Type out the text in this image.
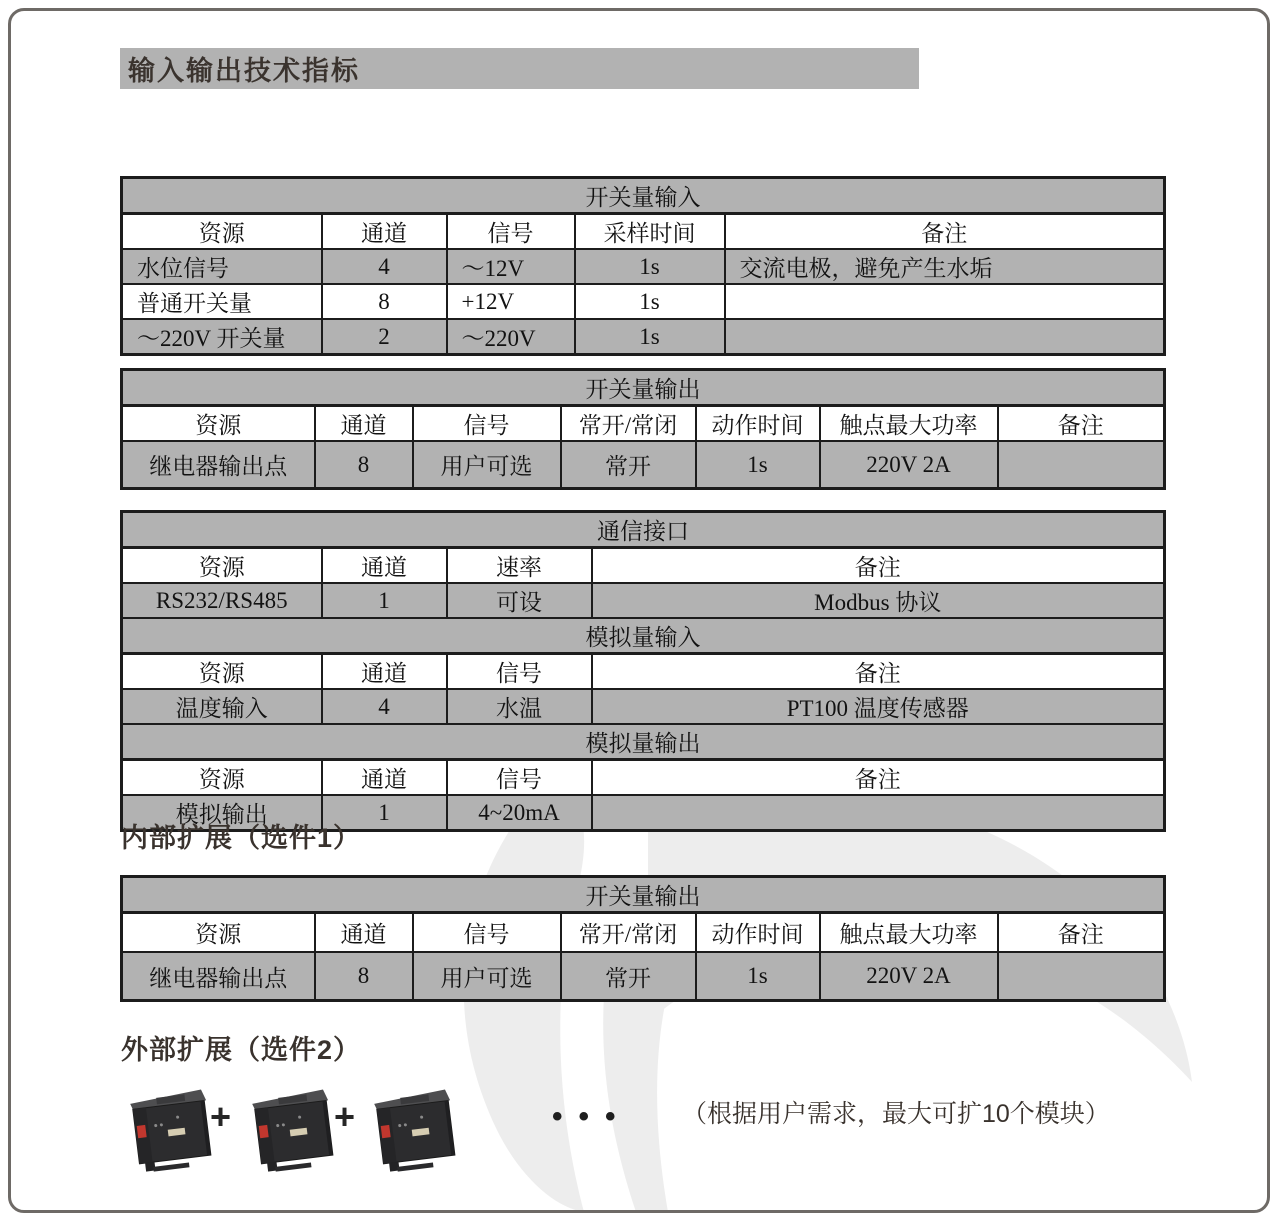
输入输出技术指标
开关量输入				
资源	通道	信号	采样时间	备注
水位信号	4	～12V	1s	交流电极，避免产生水垢
普通开关量	8	+12V	1s	
～220V 开关量	2	～220V	1s	
开关量输出						
资源	通道	信号	常开/常闭	动作时间	触点最大功率	备注
继电器输出点	8	用户可选	常开	1s	220V 2A	
通信接口			
资源	通道	速率	备注
RS232/RS485	1	可设	Modbus 协议
模拟量输入			
资源	通道	信号	备注
温度输入	4	水温	PT100 温度传感器
模拟量输出			
资源	通道	信号	备注
模拟输出	1	4~20mA	
内部扩展（选件1）
开关量输出						
资源	通道	信号	常开/常闭	动作时间	触点最大功率	备注
继电器输出点	8	用户可选	常开	1s	220V 2A	
外部扩展（选件2）
+	+	••• （根据用户需求，最大可扩10个模块）
